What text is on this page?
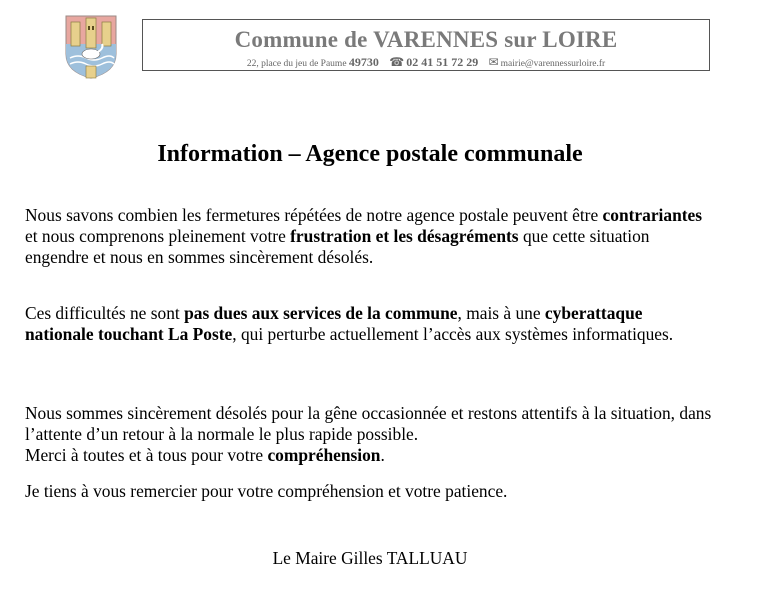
Commune de VARENNES sur LOIRE
22, place du jeu de Paume 49730 ☎ 02 41 51 72 29 ✉ mairie@varennessurloire.fr
Information – Agence postale communale

Nous savons combien les fermetures répétées de notre agence postale peuvent être contrariantes et nous comprenons pleinement votre frustration et les désagréments que cette situation engendre et nous en sommes sincèrement désolés.

Ces difficultés ne sont pas dues aux services de la commune, mais à une cyberattaque nationale touchant La Poste, qui perturbe actuellement l’accès aux systèmes informatiques.

Nous sommes sincèrement désolés pour la gêne occasionnée et restons attentifs à la situation, dans l’attente d’un retour à la normale le plus rapide possible.

Merci à toutes et à tous pour votre compréhension.

Je tiens à vous remercier pour votre compréhension et votre patience.

Le Maire Gilles TALLUAU
